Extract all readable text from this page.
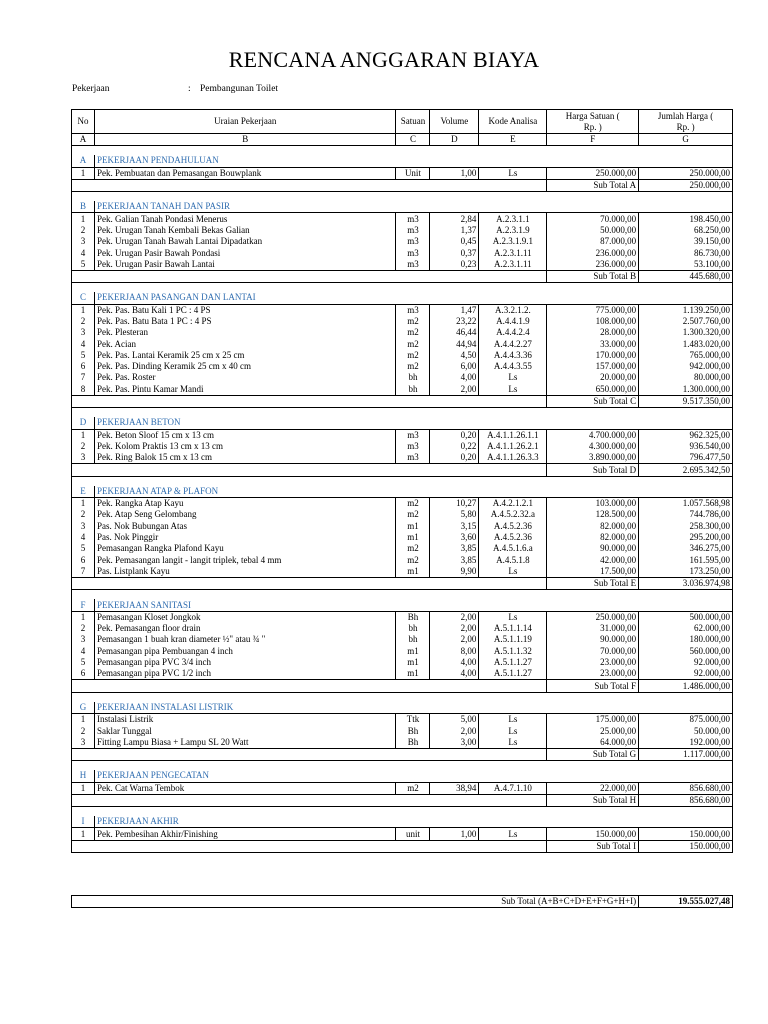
RENCANA ANGGARAN BIAYA
Pekerjaan	: Pembangunan Toilet
No	Uraian Pekerjaan	Satuan	Volume	Kode Analisa	Harga Satuan ( Rp. )	Jumlah Harga ( Rp. )
A	B	C	D	E	F	G

A	PEKERJAAN PENDAHULUAN					
1	Pek. Pembuatan dan Pemasangan Bouwplank	Unit	1,00	Ls	250.000,00	250.000,00
					Sub Total A	250.000,00

B	PEKERJAAN TANAH DAN PASIR					
1	Pek. Galian Tanah Pondasi Menerus	m3	2,84	A.2.3.1.1	70.000,00	198.450,00
2	Pek. Urugan Tanah Kembali Bekas Galian	m3	1,37	A.2.3.1.9	50.000,00	68.250,00
3	Pek. Urugan Tanah Bawah Lantai Dipadatkan	m3	0,45	A.2.3.1.9.1	87.000,00	39.150,00
4	Pek. Urugan Pasir Bawah Pondasi	m3	0,37	A.2.3.1.11	236.000,00	86.730,00
5	Pek. Urugan Pasir Bawah Lantai	m3	0,23	A.2.3.1.11	236.000,00	53.100,00
					Sub Total B	445.680,00

C	PEKERJAAN PASANGAN DAN LANTAI					
1	Pek. Pas. Batu Kali 1 PC : 4 PS	m3	1,47	A.3.2.1.2.	775.000,00	1.139.250,00
2	Pek. Pas. Batu Bata 1 PC : 4 PS	m2	23,22	A.4.4.1.9	108.000,00	2.507.760,00
3	Pek. Plesteran	m2	46,44	A.4.4.2.4	28.000,00	1.300.320,00
4	Pek. Acian	m2	44,94	A.4.4.2.27	33.000,00	1.483.020,00
5	Pek. Pas. Lantai Keramik 25 cm x 25 cm	m2	4,50	A.4.4.3.36	170.000,00	765.000,00
6	Pek. Pas. Dinding Keramik 25 cm x 40 cm	m2	6,00	A.4.4.3.55	157.000,00	942.000,00
7	Pek. Pas. Roster	bh	4,00	Ls	20.000,00	80.000,00
8	Pek. Pas. Pintu Kamar Mandi	bh	2,00	Ls	650.000,00	1.300.000,00
					Sub Total C	9.517.350,00

D	PEKERJAAN BETON					
1	Pek. Beton Sloof 15 cm x 13 cm	m3	0,20	A.4.1.1.26.1.1	4.700.000,00	962.325,00
2	Pek. Kolom Praktis 13 cm x 13 cm	m3	0,22	A.4.1.1.26.2.1	4.300.000,00	936.540,00
3	Pek. Ring Balok 15 cm x 13 cm	m3	0,20	A.4.1.1.26.3.3	3.890.000,00	796.477,50
					Sub Total D	2.695.342,50

E	PEKERJAAN ATAP & PLAFON					
1	Pek. Rangka Atap Kayu	m2	10,27	A.4.2.1.2.1	103.000,00	1.057.568,98
2	Pek. Atap Seng Gelombang	m2	5,80	A.4.5.2.32.a	128.500,00	744.786,00
3	Pas. Nok Bubungan Atas	m1	3,15	A.4.5.2.36	82.000,00	258.300,00
4	Pas. Nok Pinggir	m1	3,60	A.4.5.2.36	82.000,00	295.200,00
5	Pemasangan Rangka Plafond Kayu	m2	3,85	A.4.5.1.6.a	90.000,00	346.275,00
6	Pek. Pemasangan langit - langit triplek, tebal 4 mm	m2	3,85	A.4.5.1.8	42.000,00	161.595,00
7	Pas. Listplank Kayu	m1	9,90	Ls	17.500,00	173.250,00
					Sub Total E	3.036.974,98

F	PEKERJAAN SANITASI					
1	Pemasangan Kloset Jongkok	Bh	2,00	Ls	250.000,00	500.000,00
2	Pek. Pemasangan floor drain	bh	2,00	A.5.1.1.14	31.000,00	62.000,00
3	Pemasangan 1 buah kran diameter ½" atau ¾ "	bh	2,00	A.5.1.1.19	90.000,00	180.000,00
4	Pemasangan pipa Pembuangan 4 inch	m1	8,00	A.5.1.1.32	70.000,00	560.000,00
5	Pemasangan pipa PVC 3/4 inch	m1	4,00	A.5.1.1.27	23.000,00	92.000,00
6	Pemasangan pipa PVC 1/2 inch	m1	4,00	A.5.1.1.27	23.000,00	92.000,00
					Sub Total F	1.486.000,00

G	PEKERJAAN INSTALASI LISTRIK					
1	Instalasi Listrik	Ttk	5,00	Ls	175.000,00	875.000,00
2	Saklar Tunggal	Bh	2,00	Ls	25.000,00	50.000,00
3	Fitting Lampu Biasa + Lampu SL 20 Watt	Bh	3,00	Ls	64.000,00	192.000,00
					Sub Total G	1.117.000,00

H	PEKERJAAN PENGECATAN					
1	Pek. Cat Warna Tembok	m2	38,94	A.4.7.1.10	22.000,00	856.680,00
					Sub Total H	856.680,00

I	PEKERJAAN AKHIR					
1	Pek. Pembesihan Akhir/Finishing	unit	1,00	Ls	150.000,00	150.000,00
					Sub Total I	150.000,00
Sub Total (A+B+C+D+E+F+G+H+I)	19.555.027,48
